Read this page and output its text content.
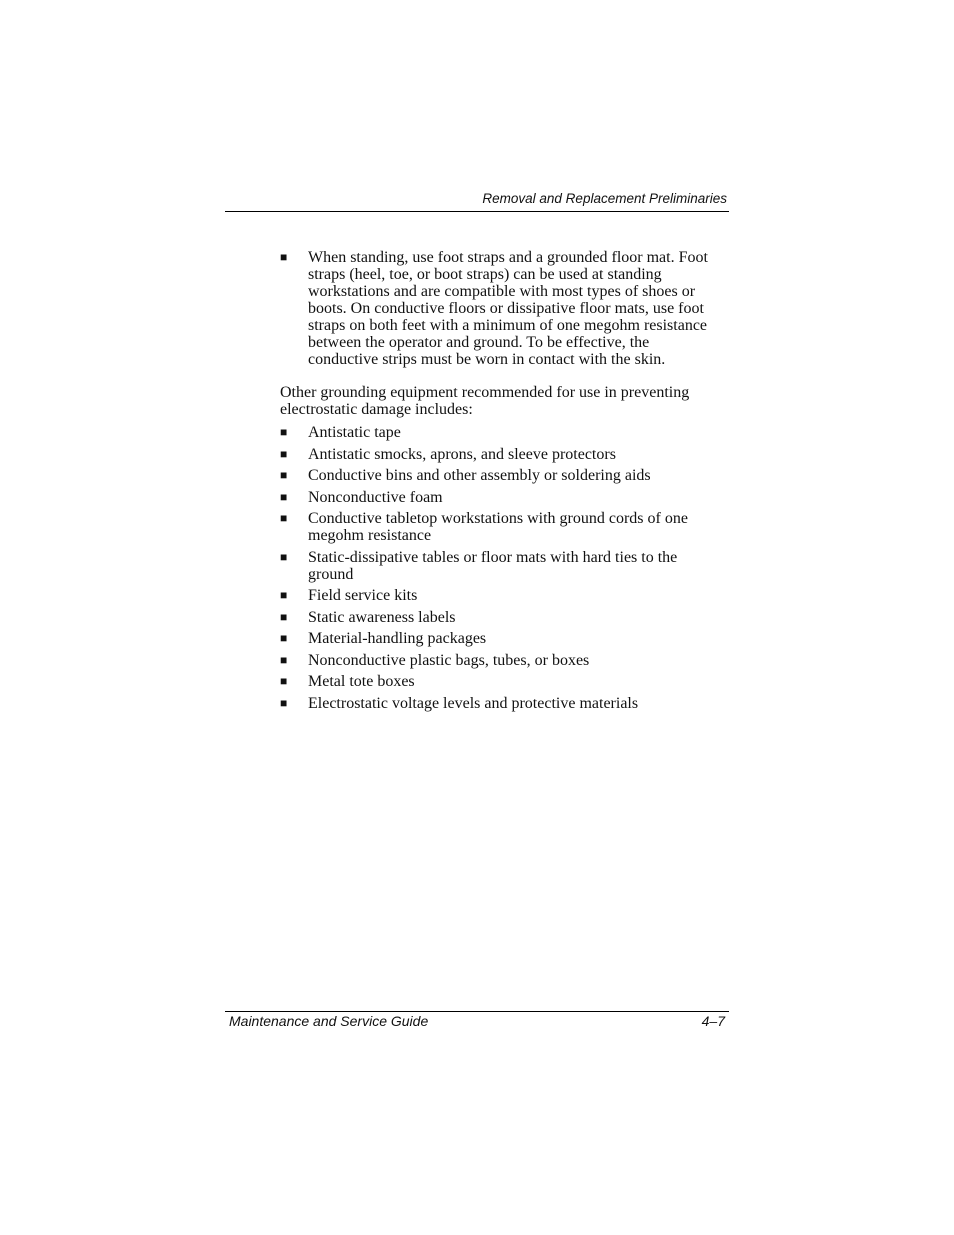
Removal and Replacement Preliminaries
■
When standing, use foot straps and a grounded floor mat. Foot straps (heel, toe, or boot straps) can be used at standing workstations and are compatible with most types of shoes or boots. On conductive floors or dissipative floor mats, use foot straps on both feet with a minimum of one megohm resistance between the operator and ground. To be effective, the conductive strips must be worn in contact with the skin.

Other grounding equipment recommended for use in preventing electrostatic damage includes:

■
Antistatic tape
■
Antistatic smocks, aprons, and sleeve protectors
■
Conductive bins and other assembly or soldering aids
■
Nonconductive foam
■
Conductive tabletop workstations with ground cords of one megohm resistance
■
Static-dissipative tables or floor mats with hard ties to the ground
■
Field service kits
■
Static awareness labels
■
Material-handling packages
■
Nonconductive plastic bags, tubes, or boxes
■
Metal tote boxes
■
Electrostatic voltage levels and protective materials
Maintenance and Service Guide	4–7
